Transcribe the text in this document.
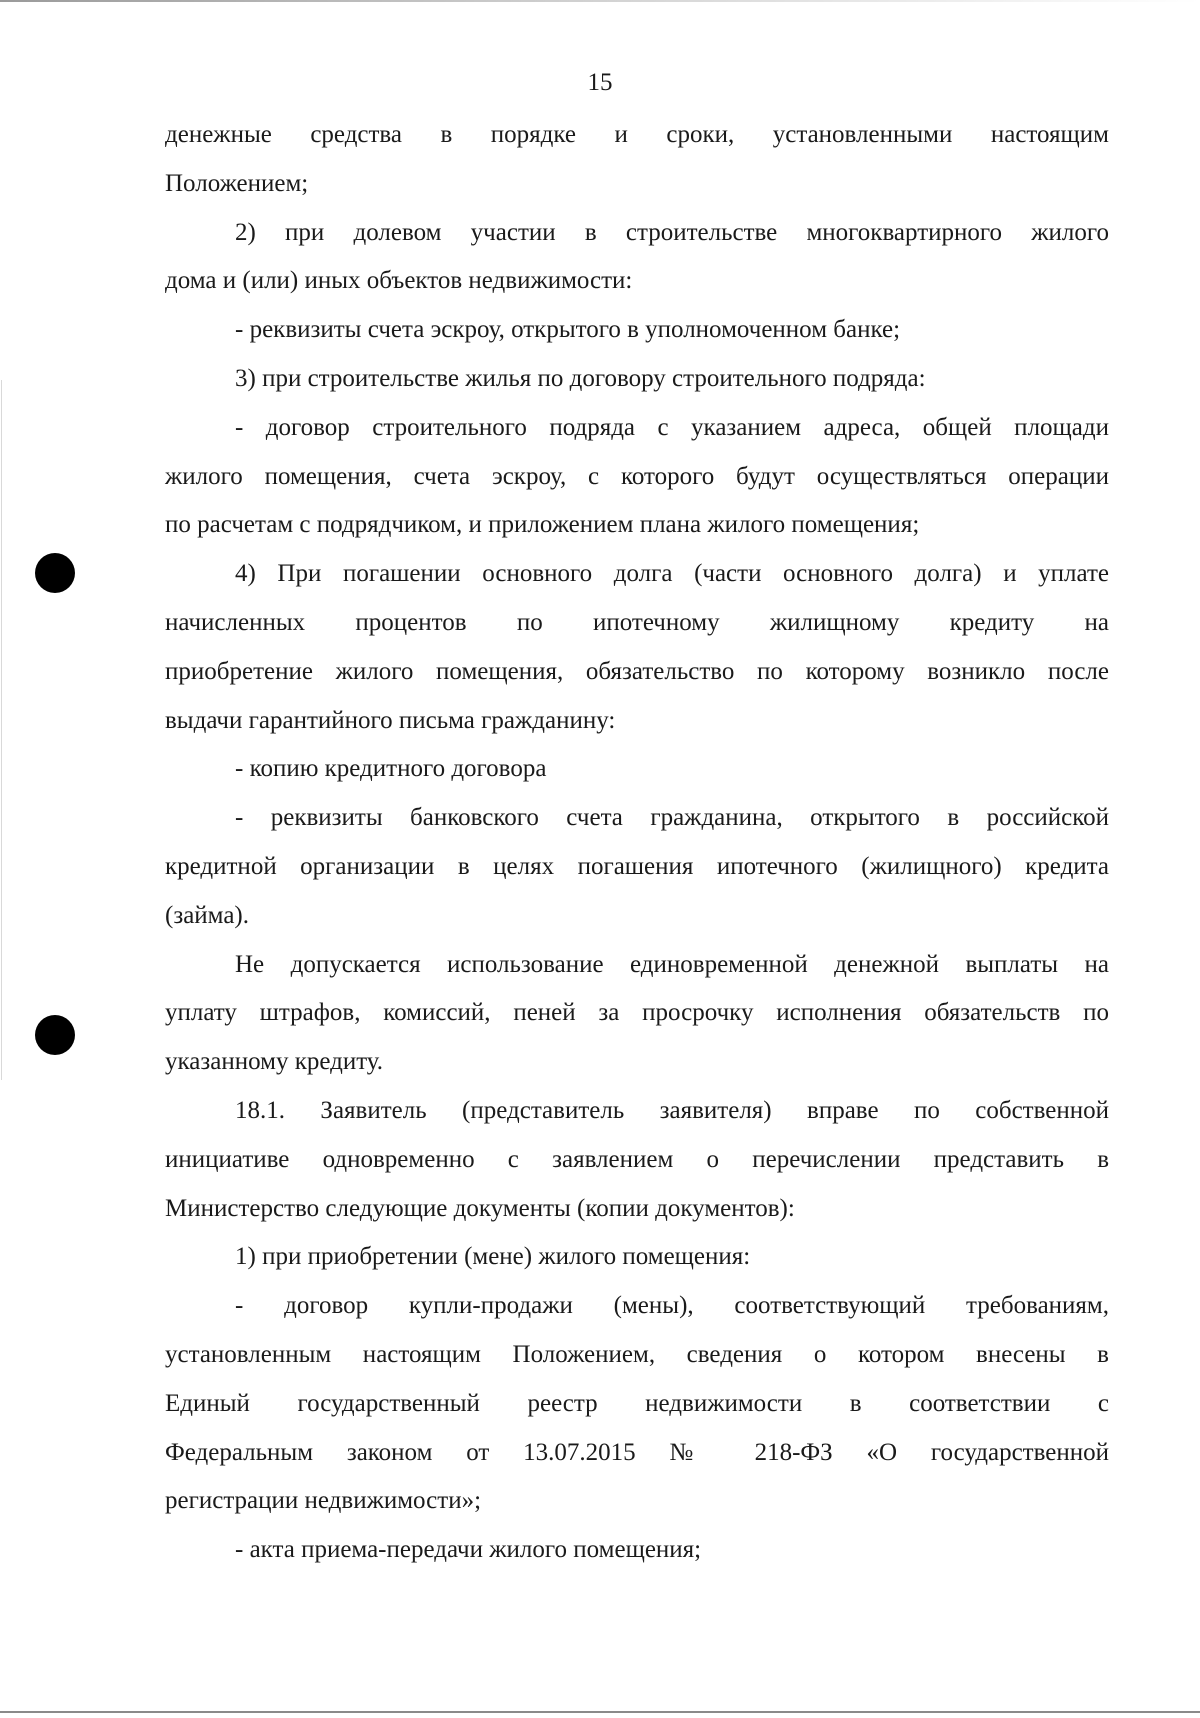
15
денежные средства в порядке и сроки, установленными настоящим
Положением;
2) при долевом участии в строительстве многоквартирного жилого
дома и (или) иных объектов недвижимости:
- реквизиты счета эскроу, открытого в уполномоченном банке;
3) при строительстве жилья по договору строительного подряда:
- договор строительного подряда с указанием адреса, общей площади
жилого помещения, счета эскроу, с которого будут осуществляться операции
по расчетам с подрядчиком, и приложением плана жилого помещения;
4) При погашении основного долга (части основного долга) и уплате
начисленных процентов по ипотечному жилищному кредиту на
приобретение жилого помещения, обязательство по которому возникло после
выдачи гарантийного письма гражданину:
- копию кредитного договора
- реквизиты банковского счета гражданина, открытого в российской
кредитной организации в целях погашения ипотечного (жилищного) кредита
(займа).
Не допускается использование единовременной денежной выплаты на
уплату штрафов, комиссий, пеней за просрочку исполнения обязательств по
указанному кредиту.
18.1. Заявитель (представитель заявителя) вправе по собственной
инициативе одновременно с заявлением о перечислении представить в
Министерство следующие документы (копии документов):
1) при приобретении (мене) жилого помещения:
- договор купли-продажи (мены), соответствующий требованиям,
установленным настоящим Положением, сведения о котором внесены в
Единый государственный реестр недвижимости в соответствии с
Федеральным законом от 13.07.2015 № 218-ФЗ «О государственной
регистрации недвижимости»;
- акта приема-передачи жилого помещения;
